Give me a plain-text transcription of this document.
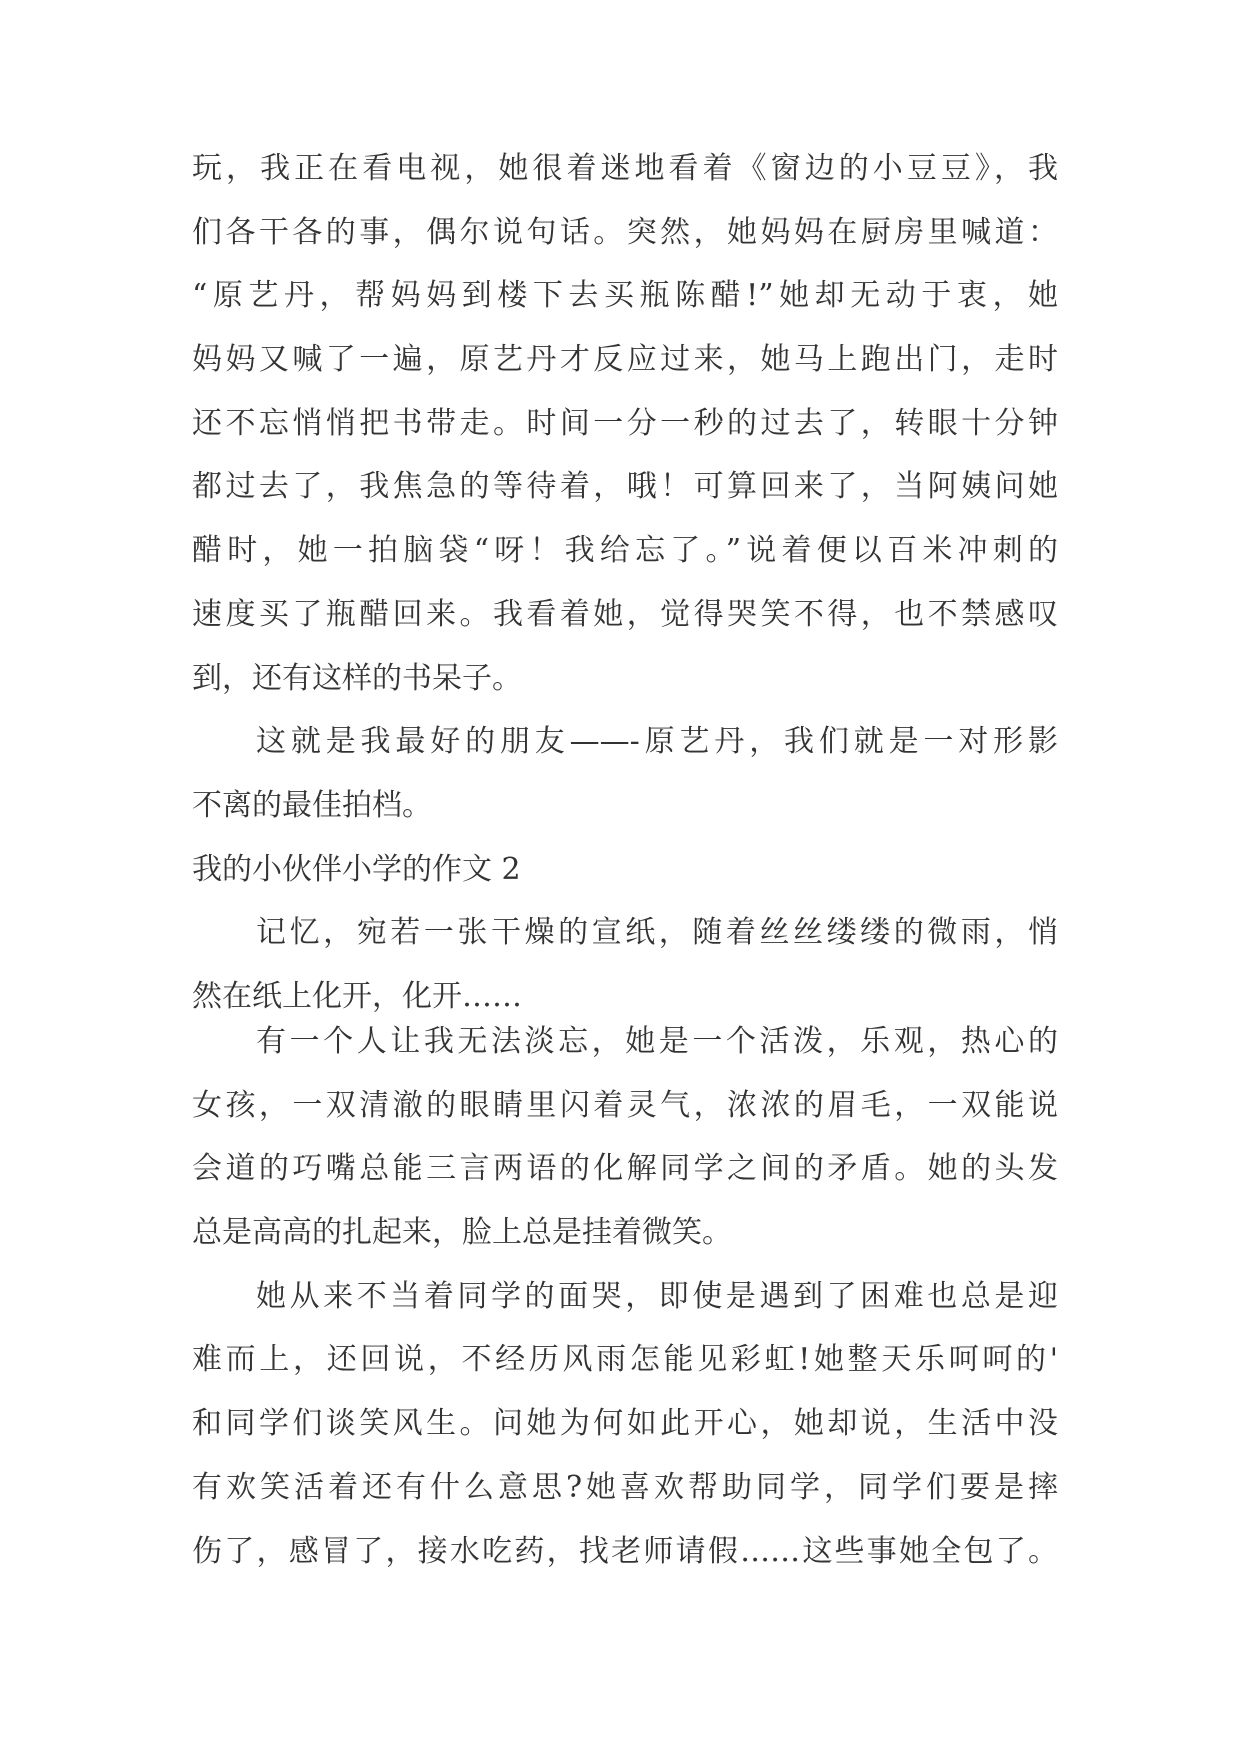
玩，我正在看电视，她很着迷地看着《窗边的小豆豆》，我
们各干各的事，偶尔说句话。突然，她妈妈在厨房里喊道：
“原艺丹，帮妈妈到楼下去买瓶陈醋!”她却无动于衷，她
妈妈又喊了一遍，原艺丹才反应过来，她马上跑出门，走时
还不忘悄悄把书带走。时间一分一秒的过去了，转眼十分钟
都过去了，我焦急的等待着，哦！可算回来了，当阿姨问她
醋时，她一拍脑袋“呀！我给忘了。”说着便以百米冲刺的
速度买了瓶醋回来。我看着她，觉得哭笑不得，也不禁感叹
到，还有这样的书呆子。
这就是我最好的朋友——-原艺丹，我们就是一对形影
不离的最佳拍档。
我的小伙伴小学的作文 2
记忆，宛若一张干燥的宣纸，随着丝丝缕缕的微雨，悄
然在纸上化开，化开……
有一个人让我无法淡忘，她是一个活泼，乐观，热心的
女孩，一双清澈的眼睛里闪着灵气，浓浓的眉毛，一双能说
会道的巧嘴总能三言两语的化解同学之间的矛盾。她的头发
总是高高的扎起来，脸上总是挂着微笑。
她从来不当着同学的面哭，即使是遇到了困难也总是迎
难而上，还回说，不经历风雨怎能见彩虹!她整天乐呵呵的'
和同学们谈笑风生。问她为何如此开心，她却说，生活中没
有欢笑活着还有什么意思?她喜欢帮助同学，同学们要是摔
伤了，感冒了，接水吃药，找老师请假……这些事她全包了。
